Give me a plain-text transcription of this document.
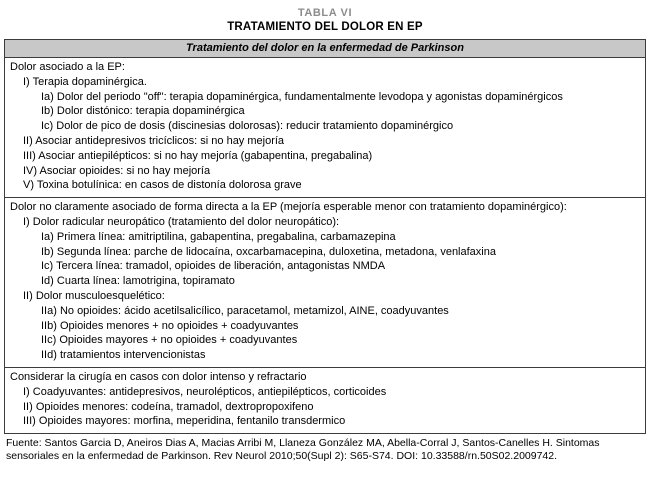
TABLA VI
TRATAMIENTO DEL DOLOR EN EP
Tratamiento del dolor en la enfermedad de Parkinson
Dolor asociado a la EP:
I) Terapia dopaminérgica.
Ia) Dolor del periodo "off": terapia dopaminérgica, fundamentalmente levodopa y agonistas dopaminérgicos
Ib) Dolor distónico: terapia dopaminérgica
Ic) Dolor de pico de dosis (discinesias dolorosas): reducir tratamiento dopaminérgico
II) Asociar antidepresivos tricíclicos: si no hay mejoría
III) Asociar antiepilépticos: si no hay mejoría (gabapentina, pregabalina)
IV) Asociar opioides: si no hay mejoría
V) Toxina botulínica: en casos de distonía dolorosa grave
Dolor no claramente asociado de forma directa a la EP (mejoría esperable menor con tratamiento dopaminérgico):
I) Dolor radicular neuropático (tratamiento del dolor neuropático):
Ia) Primera línea: amitriptilina, gabapentina, pregabalina, carbamazepina
Ib) Segunda línea: parche de lidocaína, oxcarbamacepina, duloxetina, metadona, venlafaxina
Ic) Tercera línea: tramadol, opioides de liberación, antagonistas NMDA
Id) Cuarta línea: lamotrigina, topiramato
II) Dolor musculoesquelético:
IIa) No opioides: ácido acetilsalicílico, paracetamol, metamizol, AINE, coadyuvantes
IIb) Opioides menores + no opioides + coadyuvantes
IIc) Opioides mayores + no opioides + coadyuvantes
IId) tratamientos intervencionistas
Considerar la cirugía en casos con dolor intenso y refractario
I) Coadyuvantes: antidepresivos, neurolépticos, antiepilépticos, corticoides
II) Opioides menores: codeína, tramadol, dextropropoxifeno
III) Opioides mayores: morfina, meperidina, fentanilo transdermico
Fuente: Santos Garcia D, Aneiros Dias A, Macias Arribi M, Llaneza González MA, Abella-Corral J, Santos-Canelles H. Sintomas sensoriales en la enfermedad de Parkinson. Rev Neurol 2010;50(Supl 2): S65-S74. DOI: 10.33588/rn.50S02.2009742.
